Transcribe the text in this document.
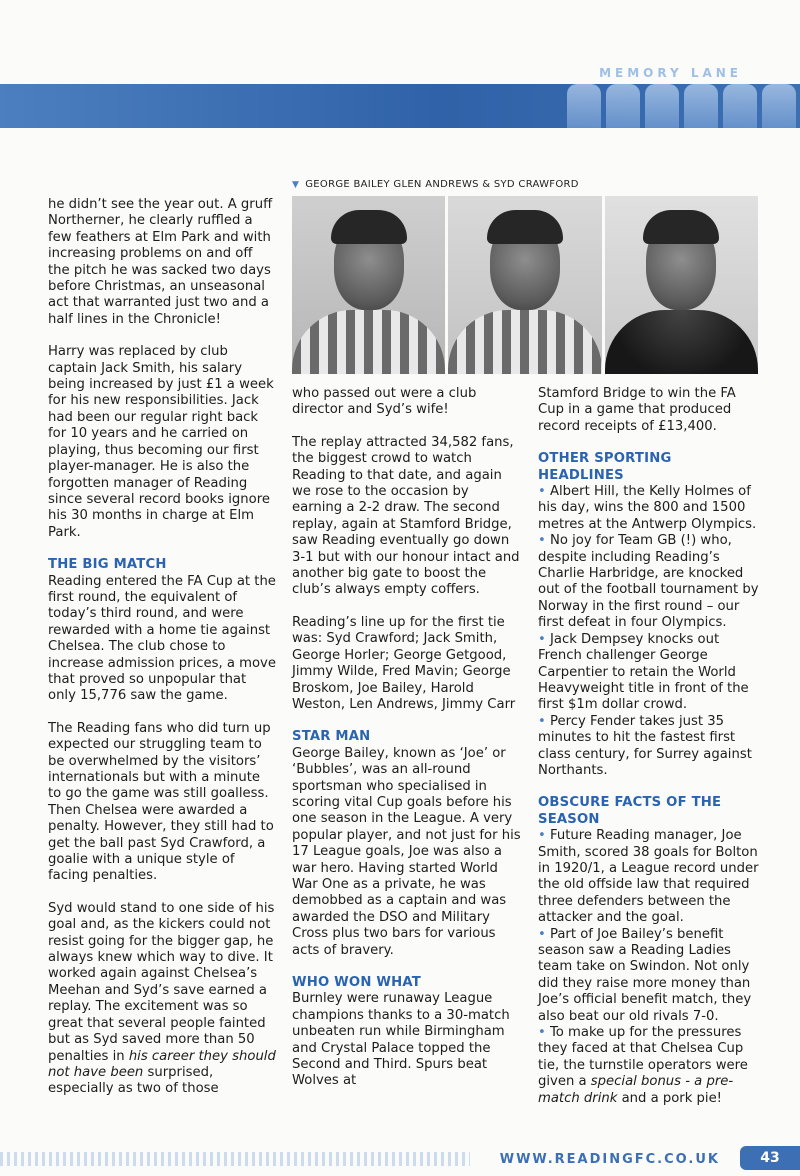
MEMORY LANE

he didn’t see the year out. A gruff Northerner, he clearly ruffled a few feathers at Elm Park and with increasing problems on and off the pitch he was sacked two days before Christmas, an unseasonal act that warranted just two and a half lines in the Chronicle!

Harry was replaced by club captain Jack Smith, his salary being increased by just £1 a week for his new responsibilities. Jack had been our regular right back for 10 years and he carried on playing, thus becoming our first player-manager. He is also the forgotten manager of Reading since several record books ignore his 30 months in charge at Elm Park.

THE BIG MATCH

Reading entered the FA Cup at the first round, the equivalent of today’s third round, and were rewarded with a home tie against Chelsea. The club chose to increase admission prices, a move that proved so unpopular that only 15,776 saw the game.

The Reading fans who did turn up expected our struggling team to be overwhelmed by the visitors’ internationals but with a minute to go the game was still goalless. Then Chelsea were awarded a penalty. However, they still had to get the ball past Syd Crawford, a goalie with a unique style of facing penalties.

Syd would stand to one side of his goal and, as the kickers could not resist going for the bigger gap, he always knew which way to dive. It worked again against Chelsea’s Meehan and Syd’s save earned a replay. The excitement was so great that several people fainted but as Syd saved more than 50 penalties in his career they should not have been surprised, especially as two of those

▼ GEORGE BAILEY GLEN ANDREWS & SYD CRAWFORD

who passed out were a club director and Syd’s wife!

The replay attracted 34,582 fans, the biggest crowd to watch Reading to that date, and again we rose to the occasion by earning a 2-2 draw. The second replay, again at Stamford Bridge, saw Reading eventually go down 3-1 but with our honour intact and another big gate to boost the club’s always empty coffers.

Reading’s line up for the first tie was: Syd Crawford; Jack Smith, George Horler; George Getgood, Jimmy Wilde, Fred Mavin; George Broskom, Joe Bailey, Harold Weston, Len Andrews, Jimmy Carr

STAR MAN

George Bailey, known as ‘Joe’ or ‘Bubbles’, was an all-round sportsman who specialised in scoring vital Cup goals before his one season in the League. A very popular player, and not just for his 17 League goals, Joe was also a war hero. Having started World War One as a private, he was demobbed as a captain and was awarded the DSO and Military Cross plus two bars for various acts of bravery.

WHO WON WHAT

Burnley were runaway League champions thanks to a 30-match unbeaten run while Birmingham and Crystal Palace topped the Second and Third. Spurs beat Wolves at

Stamford Bridge to win the FA Cup in a game that produced record receipts of £13,400.

OTHER SPORTING HEADLINES
• Albert Hill, the Kelly Holmes of his day, wins the 800 and 1500 metres at the Antwerp Olympics.
• No joy for Team GB (!) who, despite including Reading’s Charlie Harbridge, are knocked out of the football tournament by Norway in the first round – our first defeat in four Olympics.
• Jack Dempsey knocks out French challenger George Carpentier to retain the World Heavyweight title in front of the first $1m dollar crowd.
• Percy Fender takes just 35 minutes to hit the fastest first class century, for Surrey against Northants.
OBSCURE FACTS OF THE SEASON
• Future Reading manager, Joe Smith, scored 38 goals for Bolton in 1920/1, a League record under the old offside law that required three defenders between the attacker and the goal.
• Part of Joe Bailey’s benefit season saw a Reading Ladies team take on Swindon. Not only did they raise more money than Joe’s official benefit match, they also beat our old rivals 7-0.
• To make up for the pressures they faced at that Chelsea Cup tie, the turnstile operators were given a special bonus - a pre-match drink and a pork pie!
WWW.READINGFC.CO.UK	43
